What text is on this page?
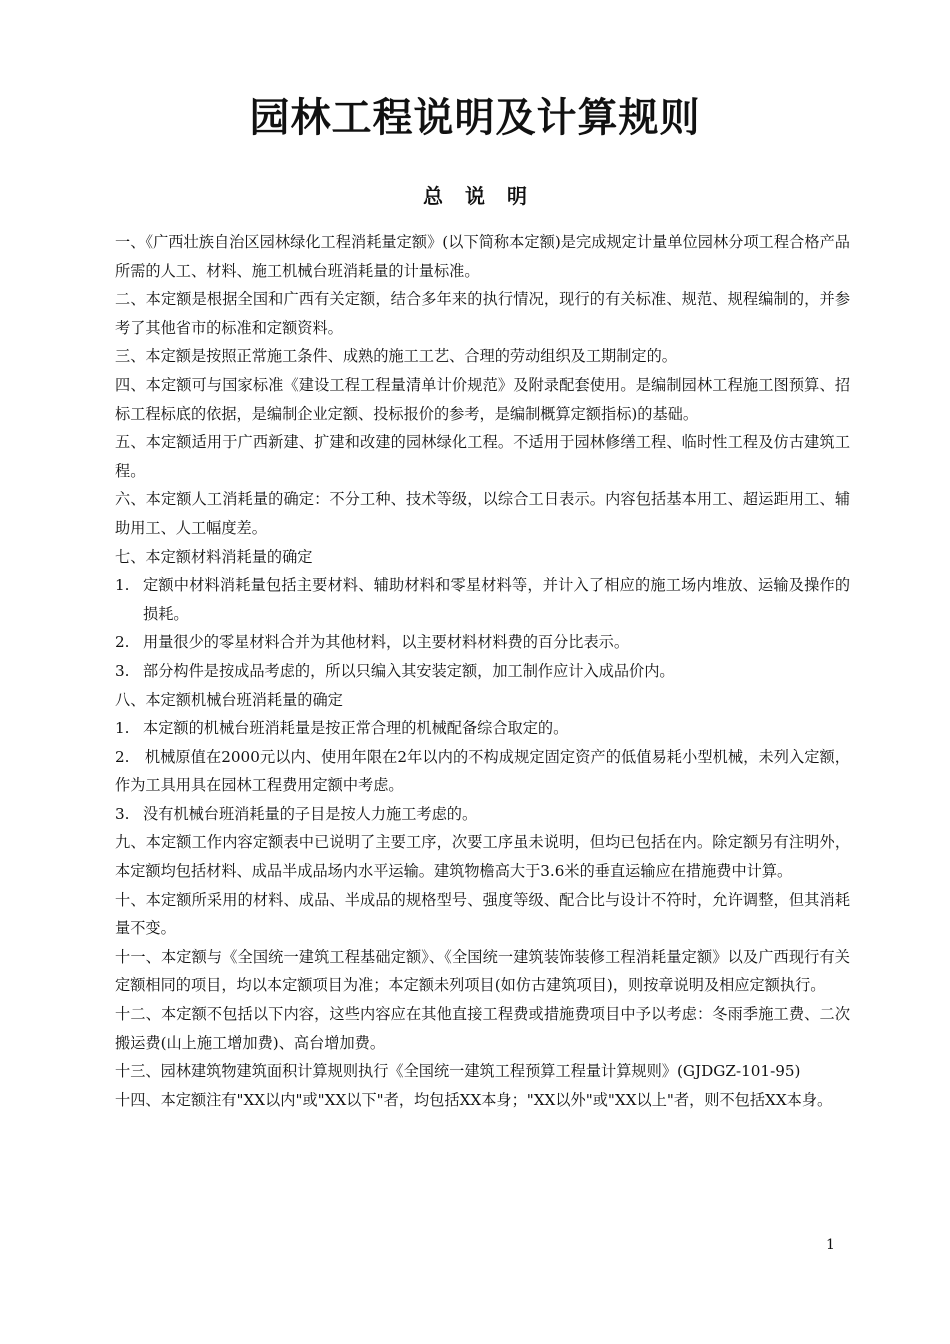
园林工程说明及计算规则
总说明

一、《广西壮族自治区园林绿化工程消耗量定额》(以下简称本定额)是完成规定计量单位园林分项工程合格产品所需的人工、材料、施工机械台班消耗量的计量标准。

二、本定额是根据全国和广西有关定额，结合多年来的执行情况，现行的有关标准、规范、规程编制的，并参考了其他省市的标准和定额资料。

三、本定额是按照正常施工条件、成熟的施工工艺、合理的劳动组织及工期制定的。

四、本定额可与国家标准《建设工程工程量清单计价规范》及附录配套使用。是编制园林工程施工图预算、招标工程标底的依据，是编制企业定额、投标报价的参考，是编制概算定额指标)的基础。

五、本定额适用于广西新建、扩建和改建的园林绿化工程。不适用于园林修缮工程、临时性工程及仿古建筑工程。

六、本定额人工消耗量的确定：不分工种、技术等级，以综合工日表示。内容包括基本用工、超运距用工、辅助用工、人工幅度差。

七、本定额材料消耗量的确定

1. 定额中材料消耗量包括主要材料、辅助材料和零星材料等，并计入了相应的施工场内堆放、运输及操作的损耗。
2. 用量很少的零星材料合并为其他材料，以主要材料材料费的百分比表示。
3. 部分构件是按成品考虑的，所以只编入其安装定额，加工制作应计入成品价内。

八、本定额机械台班消耗量的确定

1. 本定额的机械台班消耗量是按正常合理的机械配备综合取定的。

2.　机械原值在2000元以内、使用年限在2年以内的不构成规定固定资产的低值易耗小型机械，未列入定额，作为工具用具在园林工程费用定额中考虑。

3. 没有机械台班消耗量的子目是按人力施工考虑的。

九、本定额工作内容定额表中已说明了主要工序，次要工序虽未说明，但均已包括在内。除定额另有注明外，本定额均包括材料、成品半成品场内水平运输。建筑物檐高大于3.6米的垂直运输应在措施费中计算。

十、本定额所采用的材料、成品、半成品的规格型号、强度等级、配合比与设计不符时，允许调整，但其消耗量不变。

十一、本定额与《全国统一建筑工程基础定额》、《全国统一建筑装饰装修工程消耗量定额》以及广西现行有关定额相同的项目，均以本定额项目为准；本定额未列项目(如仿古建筑项目)，则按章说明及相应定额执行。

十二、本定额不包括以下内容，这些内容应在其他直接工程费或措施费项目中予以考虑：冬雨季施工费、二次搬运费(山上施工增加费)、高台增加费。

十三、园林建筑物建筑面积计算规则执行《全国统一建筑工程预算工程量计算规则》(GJDGZ-101-95)

十四、本定额注有"XX以内"或"XX以下"者，均包括XX本身；"XX以外"或"XX以上"者，则不包括XX本身。

1
